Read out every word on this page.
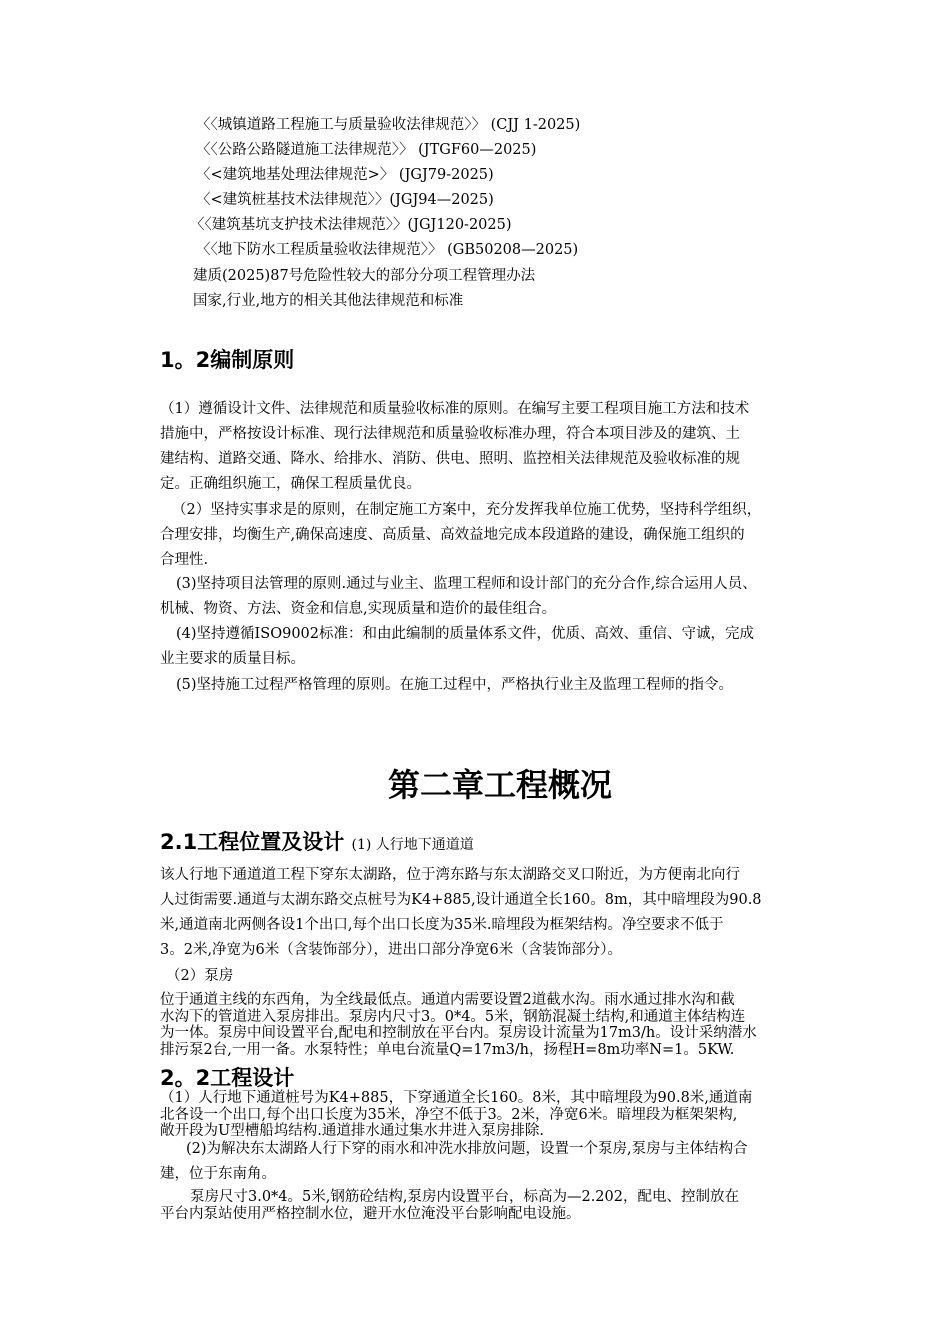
〈〈城镇道路工程施工与质量验收法律规范〉〉 (CJJ 1-2025)
〈〈公路公路隧道施工法律规范〉〉 (JTGF60—2025)
〈<建筑地基处理法律规范>〉 (JGJ79-2025)
〈<建筑桩基技术法律规范〉〉(JGJ94—2025)
〈〈建筑基坑支护技术法律规范〉〉(JGJ120-2025)
〈〈地下防水工程质量验收法律规范〉〉 (GB50208—2025)
建质(2025)87号危险性较大的部分分项工程管理办法
国家,行业,地方的相关其他法律规范和标准
1。2编制原则
（1）遵循设计文件、法律规范和质量验收标准的原则。在编写主要工程项目施工方法和技术
措施中，严格按设计标准、现行法律规范和质量验收标准办理，符合本项目涉及的建筑、土
建结构、道路交通、降水、给排水、消防、供电、照明、监控相关法律规范及验收标准的规
定。正确组织施工，确保工程质量优良。
（2）坚持实事求是的原则，在制定施工方案中，充分发挥我单位施工优势，坚持科学组织，
合理安排，均衡生产,确保高速度、高质量、高效益地完成本段道路的建设，确保施工组织的
合理性.
(3)坚持项目法管理的原则.通过与业主、监理工程师和设计部门的充分合作,综合运用人员、
机械、物资、方法、资金和信息,实现质量和造价的最佳组合。
(4)坚持遵循ISO9002标准：和由此编制的质量体系文件，优质、高效、重信、守诚，完成
业主要求的质量目标。
(5)坚持施工过程严格管理的原则。在施工过程中，严格执行业主及监理工程师的指令。
第二章工程概况
2.1工程位置及设计 (1) 人行地下通道道
该人行地下通道道工程下穿东太湖路，位于湾东路与东太湖路交叉口附近，为方便南北向行
人过街需要.通道与太湖东路交点桩号为K4+885,设计通道全长160。8m，其中暗埋段为90.8
米,通道南北两侧各设1个出口,每个出口长度为35米.暗埋段为框架结构。净空要求不低于
3。2米,净宽为6米（含装饰部分），进出口部分净宽6米（含装饰部分）。
（2）泵房
位于通道主线的东西角，为全线最低点。通道内需要设置2道截水沟。雨水通过排水沟和截
水沟下的管道进入泵房排出。泵房内尺寸3。0*4。5米，钢筋混凝土结构,和通道主体结构连
为一体。泵房中间设置平台,配电和控制放在平台内。泵房设计流量为17m3/h。设计采纳潜水
排污泵2台,一用一备。水泵特性；单电台流量Q=17m3/h，扬程H=8m功率N=1。5KW.
2。2工程设计
（1）人行地下通道桩号为K4+885，下穿通道全长160。8米，其中暗埋段为90.8米,通道南
北各设一个出口,每个出口长度为35米，净空不低于3。2米，净宽6米。暗埋段为框架架构,
敞开段为U型槽船坞结构.通道排水通过集水井进入泵房排除.
(2)为解决东太湖路人行下穿的雨水和冲洗水排放问题，设置一个泵房,泵房与主体结构合
建，位于东南角。
泵房尺寸3.0*4。5米,钢筋砼结构,泵房内设置平台，标高为—2.202，配电、控制放在
平台内泵站使用严格控制水位，避开水位淹没平台影响配电设施。
